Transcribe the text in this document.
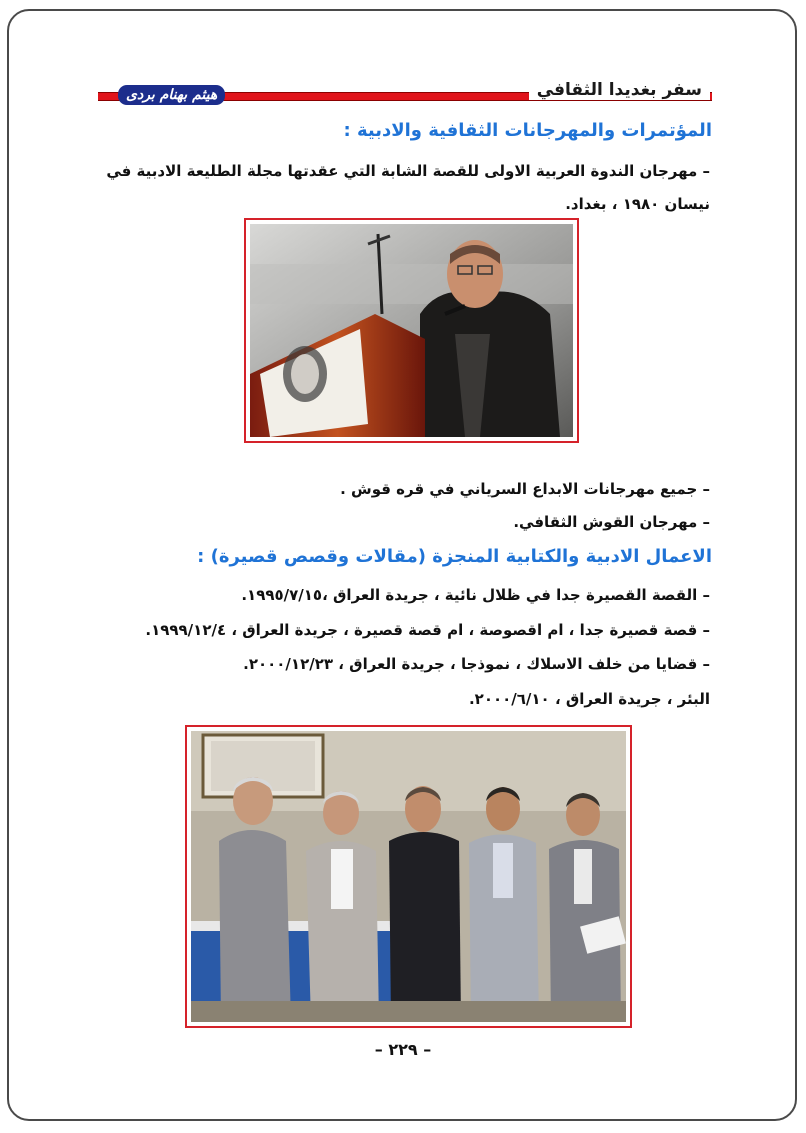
سفر بغديدا الثقافي
هيثم بهنام بردى
المؤتمرات والمهرجانات الثقافية والادبية :
– مهرجان الندوة العربية الاولى للقصة الشابة التي عقدتها مجلة الطليعة الادبية في
نيسان ١٩٨٠ ، بغداد.
– جميع مهرجانات الابداع السرياني في قره قوش .
– مهرجان القوش الثقافي.
الاعمال الادبية والكتابية المنجزة (مقالات وقصص قصيرة) :
– القصة القصيرة جدا في ظلال نائية ، جريدة العراق ،١٩٩٥/٧/١٥.
– قصة قصيرة جدا ، ام اقصوصة ، ام قصة قصيرة ، جريدة العراق ، ١٩٩٩/١٢/٤.
– قضايا من خلف الاسلاك ، نموذجا ، جريدة العراق ، ٢٠٠٠/١٢/٢٣.
البئر ، جريدة العراق ، ٢٠٠٠/٦/١٠.
– ٢٢٩ –
